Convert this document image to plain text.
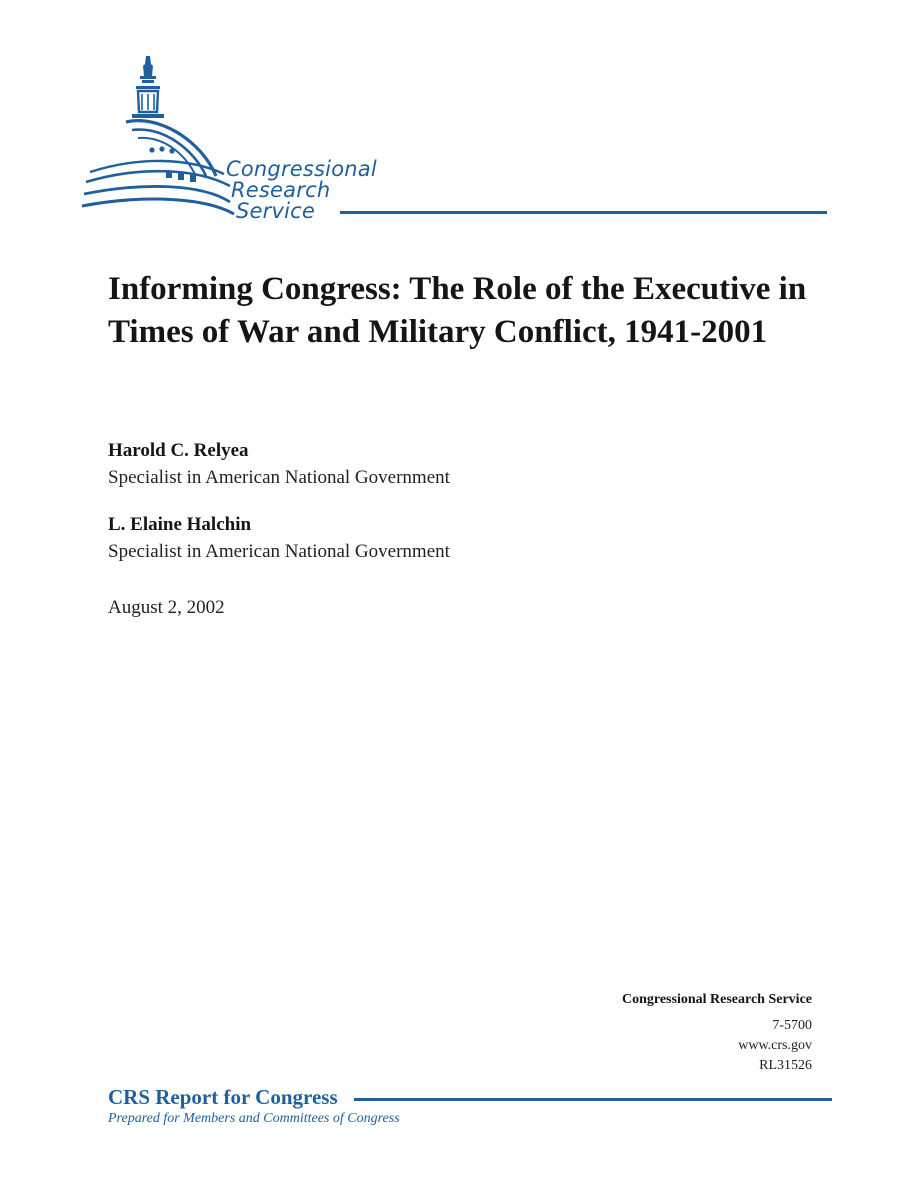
Congressional
Research
Service
Informing Congress: The Role of the Executive in Times of War and Military Conflict, 1941-2001

Harold C. Relyea

Specialist in American National Government

L. Elaine Halchin

Specialist in American National Government

August 2, 2002

Congressional Research Service
7-5700
www.crs.gov
RL31526
CRS Report for Congress
Prepared for Members and Committees of Congress
